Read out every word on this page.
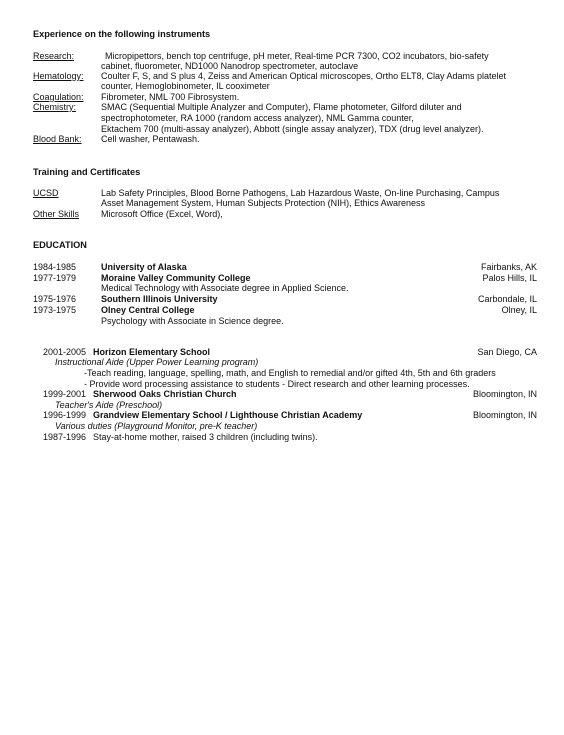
Experience on the following instruments
Research:	Micropipettors, bench top centrifuge, pH meter, Real-time PCR 7300, CO2 incubators, bio-safety
cabinet, fluorometer, ND1000 Nanodrop spectrometer, autoclave
Hematology: Coulter F, S, and S plus 4, Zeiss and American Optical microscopes, Ortho ELT8, Clay Adams platelet
counter, Hemoglobinometer, IL cooximeter
Coagulation: Fibrometer, NML 700 Fibrosystem.
Chemistry:	SMAC (Sequential Multiple Analyzer and Computer), Flame photometer, Gilford diluter and
spectrophotometer, RA 1000 (random access analyzer), NML Gamma counter,
Ektachem 700 (multi-assay analyzer), Abbott (single assay analyzer), TDX (drug level analyzer).
Blood Bank: Cell washer, Pentawash.
Training and Certificates
UCSD	Lab Safety Principles, Blood Borne Pathogens, Lab Hazardous Waste, On-line Purchasing, Campus
Asset Management System, Human Subjects Protection (NIH), Ethics Awareness
Other Skills Microsoft Office (Excel, Word),
EDUCATION
1984-1985	University of Alaska	Fairbanks, AK
1977-1979	Moraine Valley Community College	Palos Hills, IL
Medical Technology with Associate degree in Applied Science.
1975-1976	Southern Illinois University	Carbondale, IL
1973-1975	Olney Central College	Olney, IL
Psychology with Associate in Science degree.
2001-2005 Horizon Elementary School	San Diego, CA
Instructional Aide (Upper Power Learning program)
-Teach reading, language, spelling, math, and English to remedial and/or gifted 4th, 5th and 6th graders
- Provide word processing assistance to students - Direct research and other learning processes.
1999-2001 Sherwood Oaks Christian Church	Bloomington, IN
Teacher's Aide (Preschool)
1996-1999 Grandview Elementary School / Lighthouse Christian Academy	Bloomington, IN
Various duties (Playground Monitor, pre-K teacher)
1987-1996 Stay-at-home mother, raised 3 children (including twins).
